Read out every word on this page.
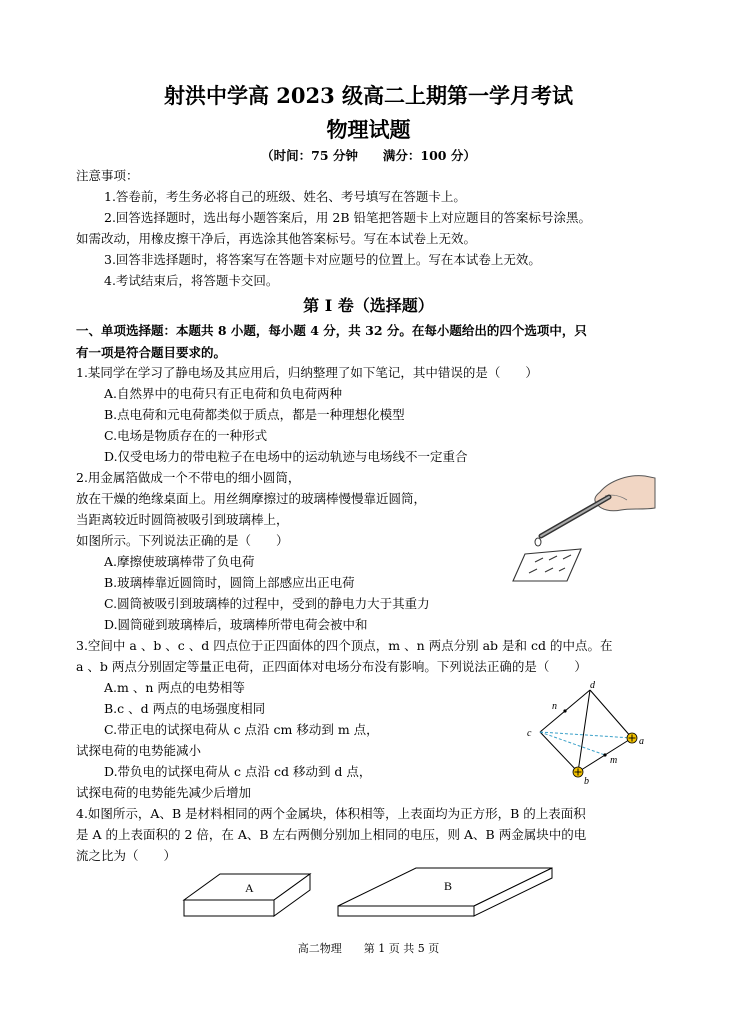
射洪中学高 2023 级高二上期第一学月考试
物理试题
（时间：75 分钟　　满分：100 分）
注意事项：
1.答卷前，考生务必将自己的班级、姓名、考号填写在答题卡上。
2.回答选择题时，选出每小题答案后，用 2B 铅笔把答题卡上对应题目的答案标号涂黑。
如需改动，用橡皮擦干净后，再选涂其他答案标号。写在本试卷上无效。
3.回答非选择题时，将答案写在答题卡对应题号的位置上。写在本试卷上无效。
4.考试结束后，将答题卡交回。
第 I 卷（选择题）
一、单项选择题：本题共 8 小题，每小题 4 分，共 32 分。在每小题给出的四个选项中，只
有一项是符合题目要求的。
1.某同学在学习了静电场及其应用后，归纳整理了如下笔记，其中错误的是（　　）
A.自然界中的电荷只有正电荷和负电荷两种
B.点电荷和元电荷都类似于质点，都是一种理想化模型
C.电场是物质存在的一种形式
D.仅受电场力的带电粒子在电场中的运动轨迹与电场线不一定重合
2.用金属箔做成一个不带电的细小圆筒，
放在干燥的绝缘桌面上。用丝绸摩擦过的玻璃棒慢慢靠近圆筒，
当距离较近时圆筒被吸引到玻璃棒上，
如图所示。下列说法正确的是（　　）
A.摩擦使玻璃棒带了负电荷
B.玻璃棒靠近圆筒时，圆筒上部感应出正电荷
C.圆筒被吸引到玻璃棒的过程中，受到的静电力大于其重力
D.圆筒碰到玻璃棒后，玻璃棒所带电荷会被中和
3.空间中 a 、b 、c 、d 四点位于正四面体的四个顶点，m 、n 两点分别 ab 是和 cd 的中点。在
a 、b 两点分别固定等量正电荷，正四面体对电场分布没有影响。下列说法正确的是（　　）
A.m 、n 两点的电势相等
B.c 、d 两点的电场强度相同
C.带正电的试探电荷从 c 点沿 cm 移动到 m 点，
试探电荷的电势能减小
D.带负电的试探电荷从 c 点沿 cd 移动到 d 点，
试探电荷的电势能先减少后增加
d
c
a
b
m
n
4.如图所示，A、B 是材料相同的两个金属块，体积相等，上表面均为正方形，B 的上表面积
是 A 的上表面积的 2 倍，在 A、B 左右两侧分别加上相同的电压，则 A、B 两金属块中的电
流之比为（　　）
A	B
高二物理　　第 1 页 共 5 页
